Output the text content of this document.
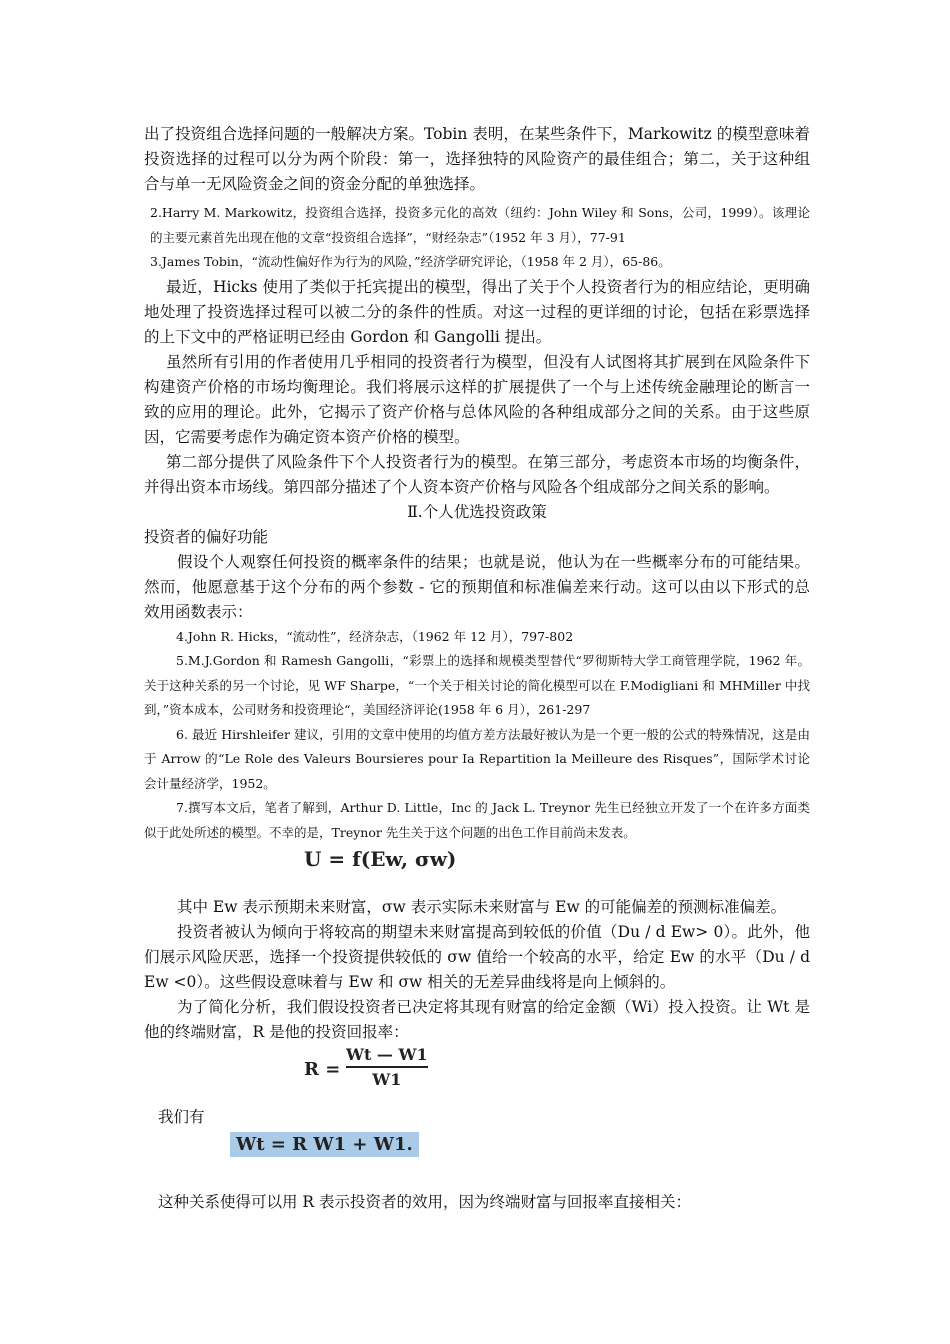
出了投资组合选择问题的一般解决方案。Tobin 表明，在某些条件下，Markowitz 的模型意味着投资选择的过程可以分为两个阶段：第一，选择独特的风险资产的最佳组合；第二，关于这种组合与单一无风险资金之间的资金分配的单独选择。

2.Harry M. Markowitz，投资组合选择，投资多元化的高效（纽约：John Wiley 和 Sons，公司，1999）。该理论的主要元素首先出现在他的文章“投资组合选择”，“财经杂志”（1952 年 3 月），77-91

3.James Tobin，“流动性偏好作为行为的风险，”经济学研究评论，（1958 年 2 月），65-86。

最近，Hicks 使用了类似于托宾提出的模型，得出了关于个人投资者行为的相应结论，更明确地处理了投资选择过程可以被二分的条件的性质。对这一过程的更详细的讨论，包括在彩票选择的上下文中的严格证明已经由 Gordon 和 Gangolli 提出。

虽然所有引用的作者使用几乎相同的投资者行为模型，但没有人试图将其扩展到在风险条件下构建资产价格的市场均衡理论。我们将展示这样的扩展提供了一个与上述传统金融理论的断言一致的应用的理论。此外，它揭示了资产价格与总体风险的各种组成部分之间的关系。由于这些原因，它需要考虑作为确定资本资产价格的模型。

第二部分提供了风险条件下个人投资者行为的模型。在第三部分，考虑资本市场的均衡条件，并得出资本市场线。第四部分描述了个人资本资产价格与风险各个组成部分之间关系的影响。

Ⅱ.个人优选投资政策

投资者的偏好功能

假设个人观察任何投资的概率条件的结果；也就是说，他认为在一些概率分布的可能结果。然而，他愿意基于这个分布的两个参数 - 它的预期值和标准偏差来行动。这可以由以下形式的总效用函数表示：

4.John R. Hicks，“流动性”，经济杂志，（1962 年 12 月），797-802

5.M.J.Gordon 和 Ramesh Gangolli，“彩票上的选择和规模类型替代“罗彻斯特大学工商管理学院，1962 年。关于这种关系的另一个讨论，见 WF Sharpe，“一个关于相关讨论的简化模型可以在 F.Modigliani 和 MHMiller 中找到，”资本成本，公司财务和投资理论“，美国经济评论(1958 年 6 月），261-297

6. 最近 Hirshleifer 建议，引用的文章中使用的均值方差方法最好被认为是一个更一般的公式的特殊情况，这是由于 Arrow 的“Le Role des Valeurs Boursieres pour Ia Repartition la Meilleure des Risques”，国际学术讨论会计量经济学，1952。

7.撰写本文后，笔者了解到，Arthur D. Little，Inc 的 Jack L. Treynor 先生已经独立开发了一个在许多方面类似于此处所述的模型。不幸的是，Treynor 先生关于这个问题的出色工作目前尚未发表。

U = f(Ew, σw)

其中 Ew 表示预期未来财富，σw 表示实际未来财富与 Ew 的可能偏差的预测标准偏差。

投资者被认为倾向于将较高的期望未来财富提高到较低的价值（Du / d Ew> 0）。此外，他们展示风险厌恶，选择一个投资提供较低的 σw 值给一个较高的水平，给定 Ew 的水平（Du / d Ew <0）。这些假设意味着与 Ew 和 σw 相关的无差异曲线将是向上倾斜的。

为了简化分析，我们假设投资者已决定将其现有财富的给定金额（Wi）投入投资。让 Wt 是他的终端财富，R 是他的投资回报率：

R =
Wt — W1
W1

我们有

Wt = R W1 + W1.

这种关系使得可以用 R 表示投资者的效用，因为终端财富与回报率直接相关：
